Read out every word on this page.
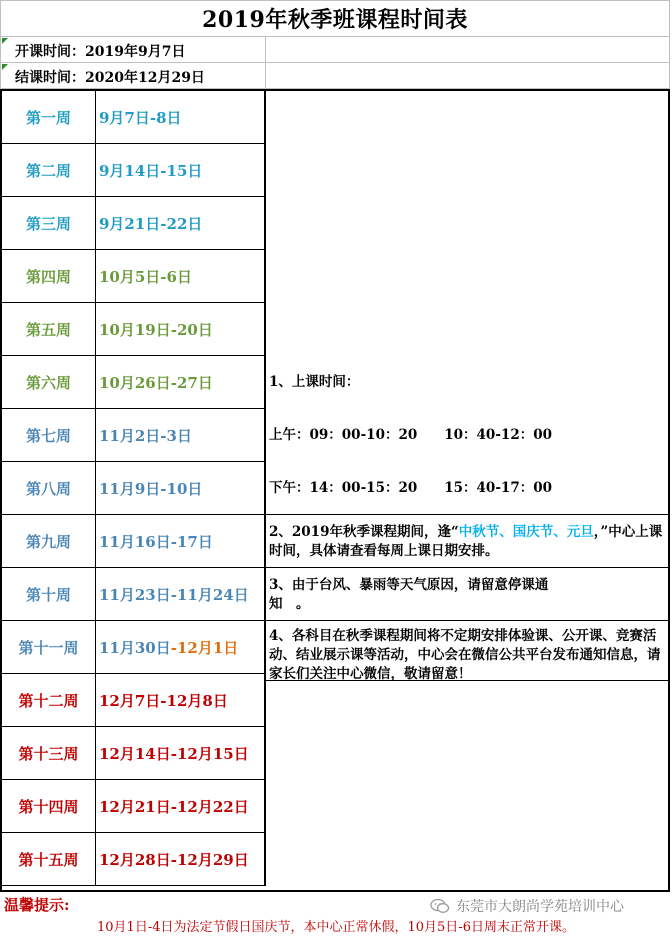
2019年秋季班课程时间表
开课时间：2019年9月7日
结课时间：2020年12月29日
第一周	9月7日-8日
第二周	9月14日-15日
第三周	9月21日-22日
第四周	10月5日-6日
第五周	10月19日-20日
第六周	10月26日-27日
第七周	11月2日-3日
第八周	11月9日-10日
第九周	11月16日-17日
第十周	11月23日-11月24日
第十一周	11月30日 -12月1日
第十二周	12月7日-12月8日
第十三周	12月14日-12月15日
第十四周	12月21日-12月22日
第十五周	12月28日-12月29日
1、上课时间：
上午：09：00-10：20　　10：40-12：00
下午：14：00-15：20　　15：40-17：00
2、2019年秋季课程期间，逢“中秋节、国庆节、元旦，”中心上课时间，具体请查看每周上课日期安排。
3、由于台风、暴雨等天气原因，请留意停课通知　。
4、各科目在秋季课程期间将不定期安排体验课、公开课、竞赛活动、结业展示课等活动，中心会在微信公共平台发布通知信息，请家长们关注中心微信，敬请留意！
温馨提示:
10月1日-4日为法定节假日国庆节，本中心正常休假，10月5日-6日周末正常开课。
东莞市大朗尚学苑培训中心
